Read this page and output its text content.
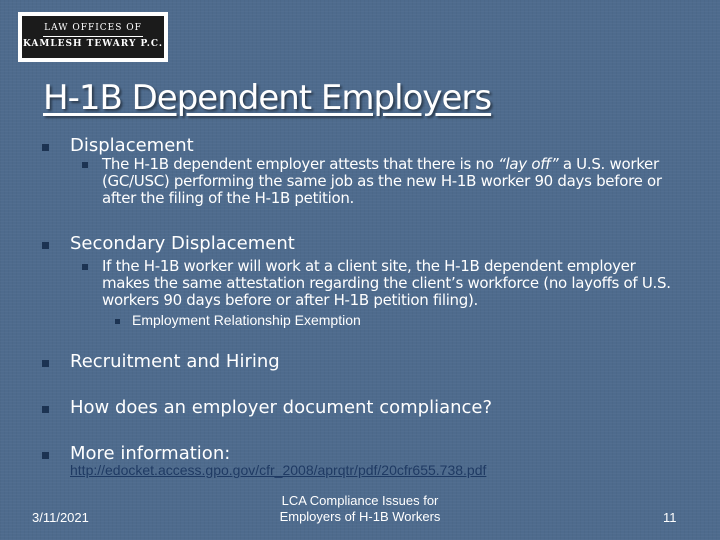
LAW OFFICES OF
KAMLESH TEWARY P.C.
H-1B Dependent Employers
Displacement
The H-1B dependent employer attests that there is no “lay off” a U.S. worker (GC/USC) performing the same job as the new H-1B worker 90 days before or after the filing of the H-1B petition.
Secondary Displacement
If the H-1B worker will work at a client site, the H-1B dependent employer makes the same attestation regarding the client’s workforce (no layoffs of U.S. workers 90 days before or after H-1B petition filing).
Employment Relationship Exemption
Recruitment and Hiring
How does an employer document compliance?
More information:
http://edocket.access.gpo.gov/cfr_2008/aprqtr/pdf/20cfr655.738.pdf
3/11/2021
LCA Compliance Issues for
Employers of H-1B Workers	11
